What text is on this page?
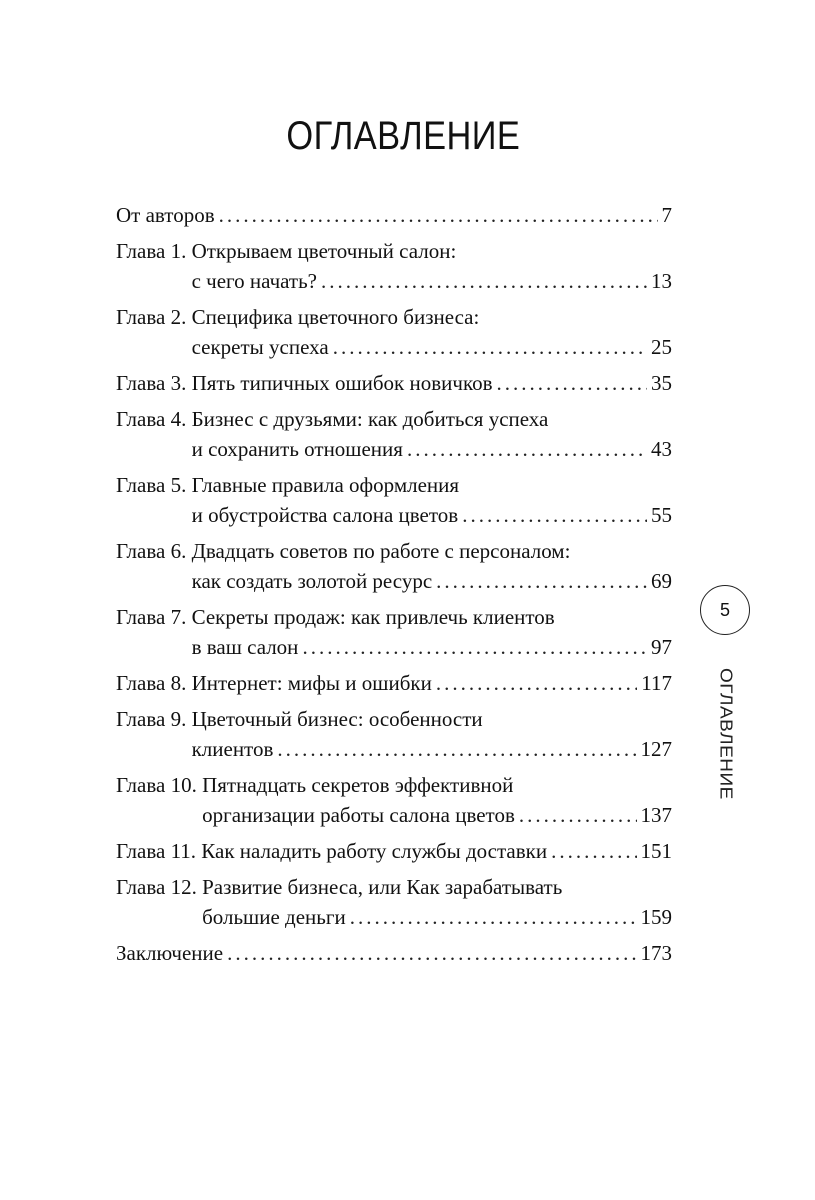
ОГЛАВЛЕНИЕ
От авторов .....	7
Глава 1. Открываем цветочный салон:
с чего начать? .....	13
Глава 2. Специфика цветочного бизнеса:
секреты успеха .....	25
Глава 3. Пять типичных ошибок новичков .....	35
Глава 4. Бизнес с друзьями: как добиться успеха
и сохранить отношения .....	43
Глава 5. Главные правила оформления
и обустройства салона цветов .....	55
Глава 6. Двадцать советов по работе с персоналом:
как создать золотой ресурс .....	69
Глава 7. Секреты продаж: как привлечь клиентов
в ваш салон .....	97
Глава 8. Интернет: мифы и ошибки .....	117
Глава 9. Цветочный бизнес: особенности
клиентов .....	127
Глава 10. Пятнадцать секретов эффективной
организации работы салона цветов .....	137
Глава 11. Как наладить работу службы доставки .....	151
Глава 12. Развитие бизнеса, или Как зарабатывать
большие деньги .....	159
Заключение .....	173
5
ОГЛАВЛЕНИЕ
